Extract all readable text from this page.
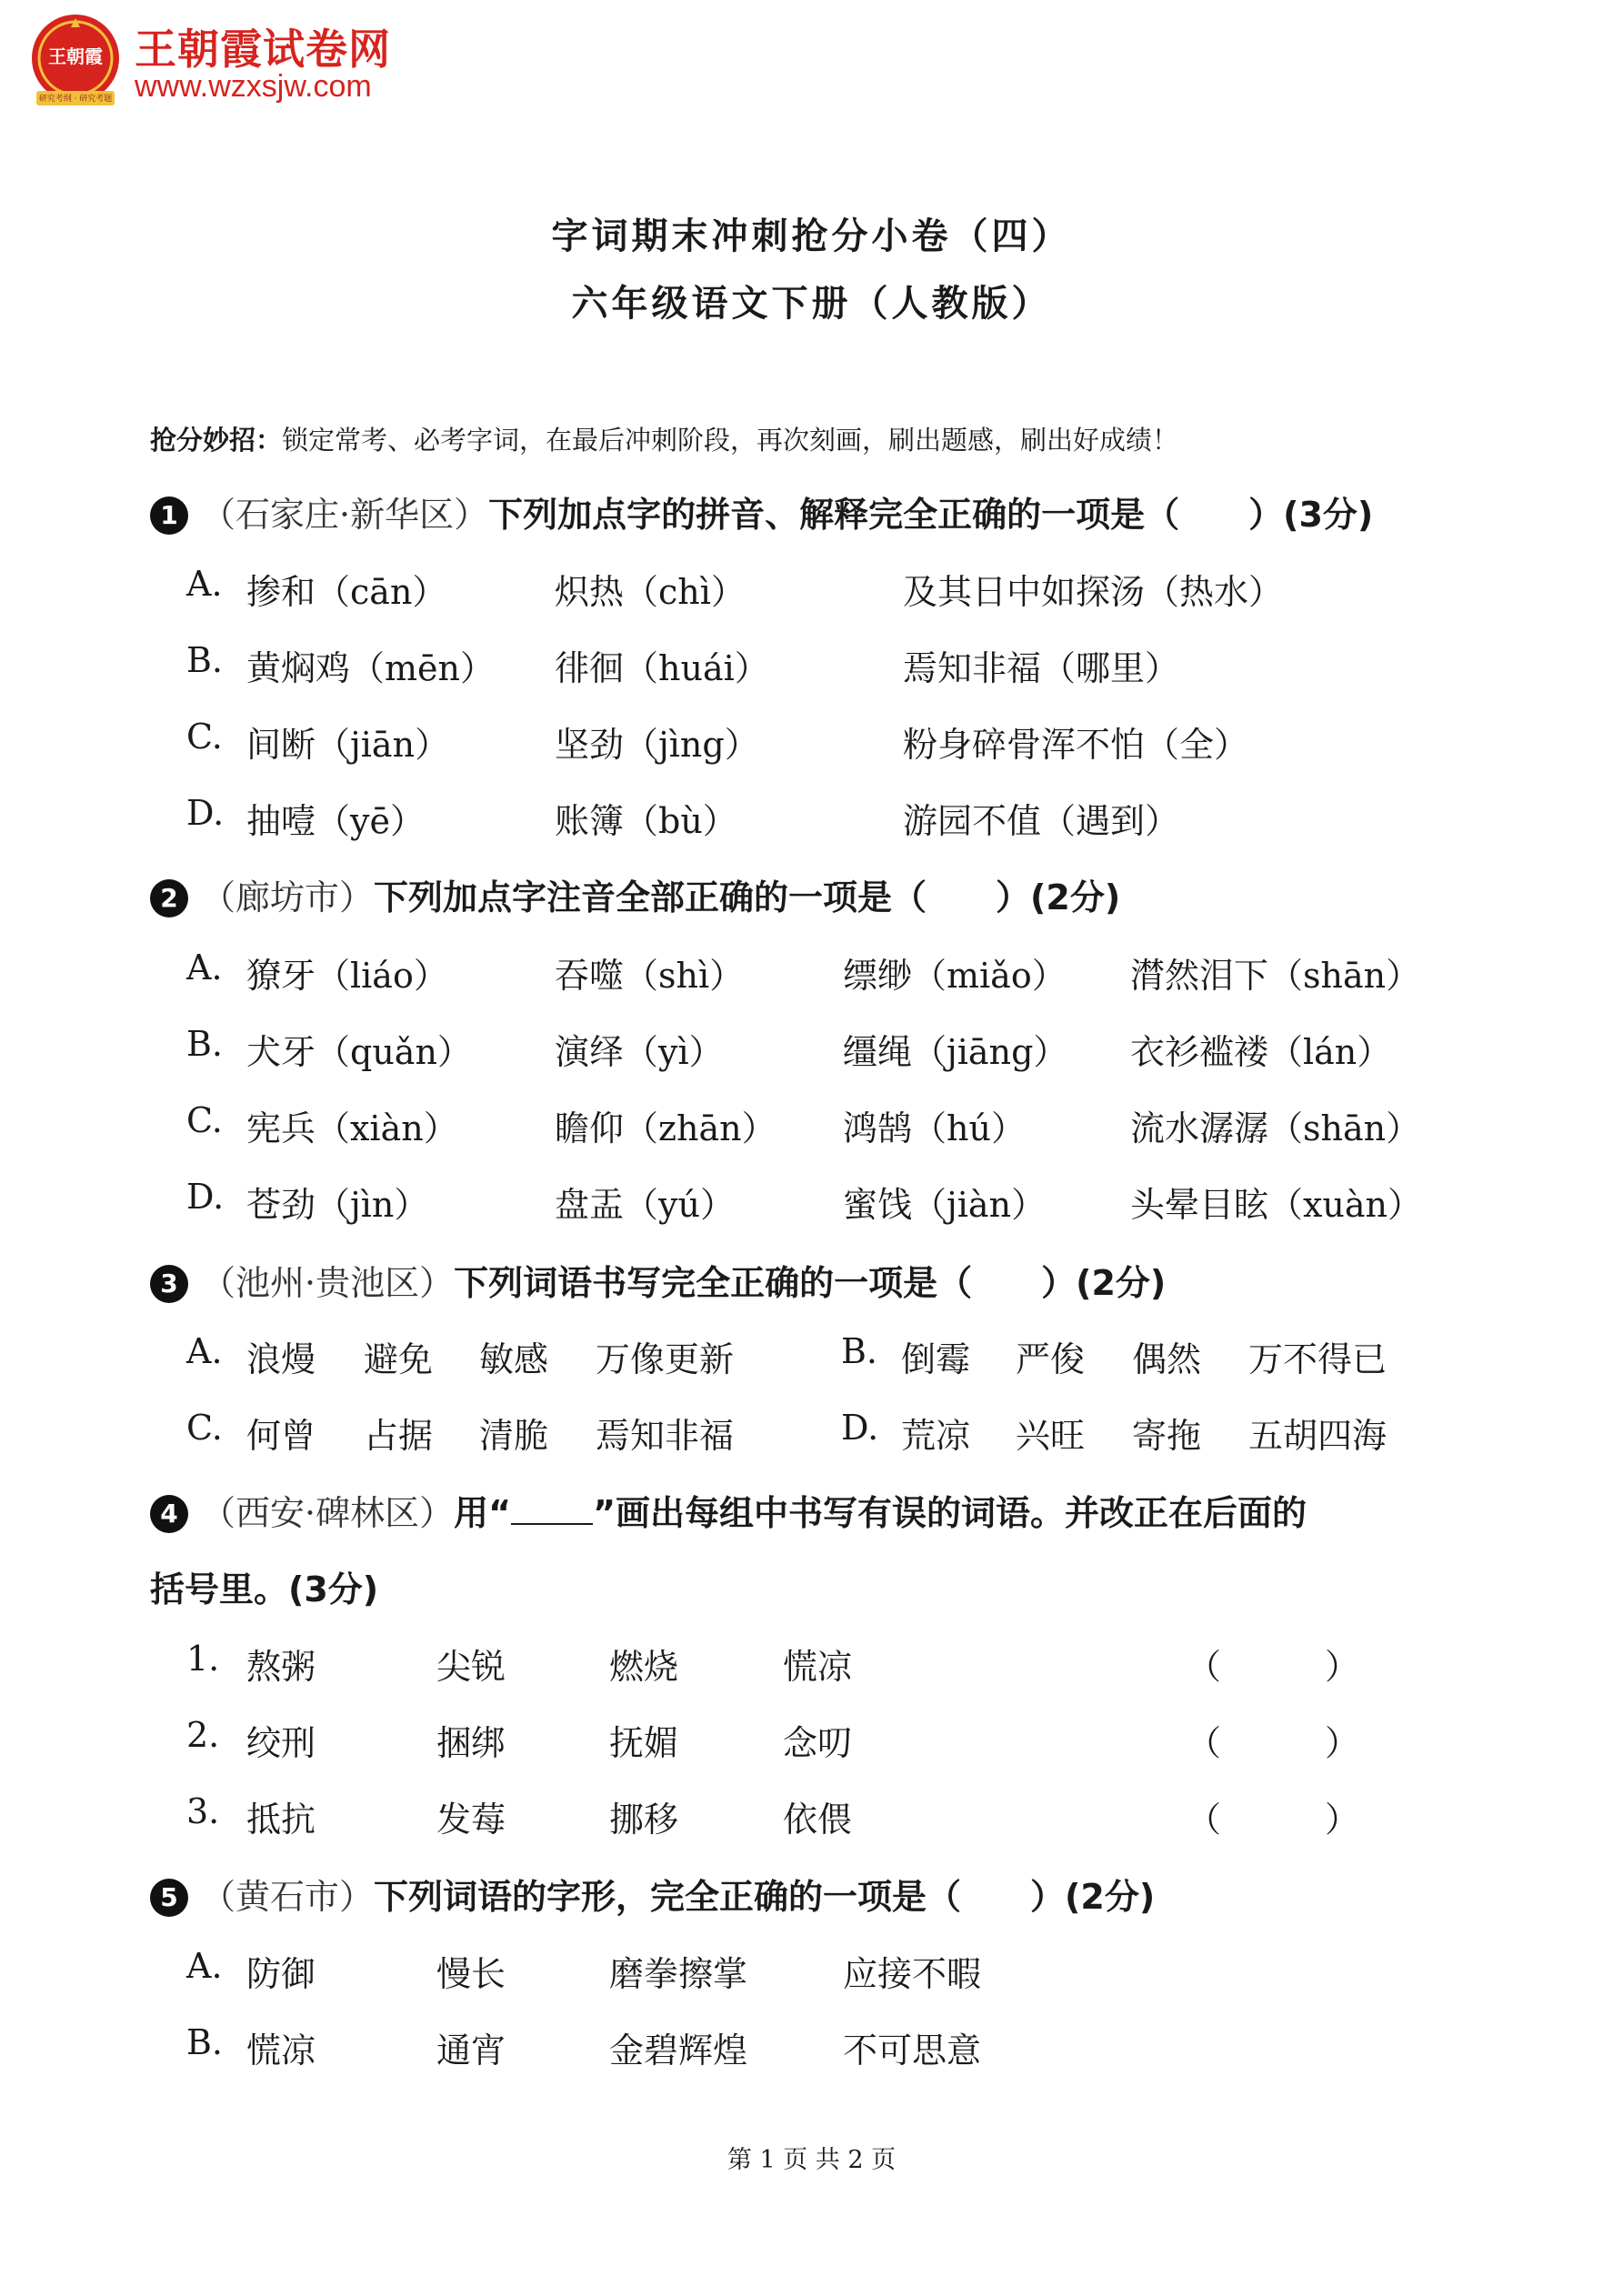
王朝霞
研究考纲 · 研究考题
王朝霞试卷网
www.wzxsjw.com
字词期末冲刺抢分小卷（四）
六年级语文下册（人教版）
抢分妙招：锁定常考、必考字词，在最后冲刺阶段，再次刻画，刷出题感，刷出好成绩！
1 （石家庄·新华区）下列加点字的拼音、解释完全正确的一项是（　　）(3分)
A. 掺和（cān）	炽热（chì）	及其日中如探汤（热水）
B. 黄焖鸡（mēn） 徘徊（huái）	焉知非福（哪里）
C. 间断（jiān）	坚劲（jìng）	粉身碎骨浑不怕（全）
D. 抽噎（yē）	账簿（bù）	游园不值（遇到）
2 （廊坊市）下列加点字注音全部正确的一项是（　　）(2分)
A. 獠牙（liáo）	吞噬（shì）	缥缈（miǎo） 潸然泪下（shān）
B. 犬牙（quǎn） 演绎（yì）	缰绳（jiāng） 衣衫褴褛（lán）
C. 宪兵（xiàn）	瞻仰（zhān） 鸿鹄（hú）	流水潺潺（shān）
D. 苍劲（jìn）	盘盂（yú）	蜜饯（jiàn） 头晕目眩（xuàn）
3 （池州·贵池区）下列词语书写完全正确的一项是（　　）(2分)
A. 浪熳 避免 敏感 万像更新	B. 倒霉 严俊 偶然 万不得已
C. 何曾 占据 清脆 焉知非福	D. 荒凉 兴旺 寄拖 五胡四海
4 （西安·碑林区）用“ ”画出每组中书写有误的词语。并改正在后面的
括号里。(3分)
1. 熬粥	尖锐	燃烧	慌凉	（　　　）
2. 绞刑	捆绑	抚媚	念叨	（　　　）
3. 抵抗	发莓	挪移	依偎	（　　　）
5 （黄石市）下列词语的字形，完全正确的一项是（　　）(2分)
A. 防御	慢长	磨拳擦掌	应接不暇
B. 慌凉	通宵	金碧辉煌	不可思意
第 1 页 共 2 页
